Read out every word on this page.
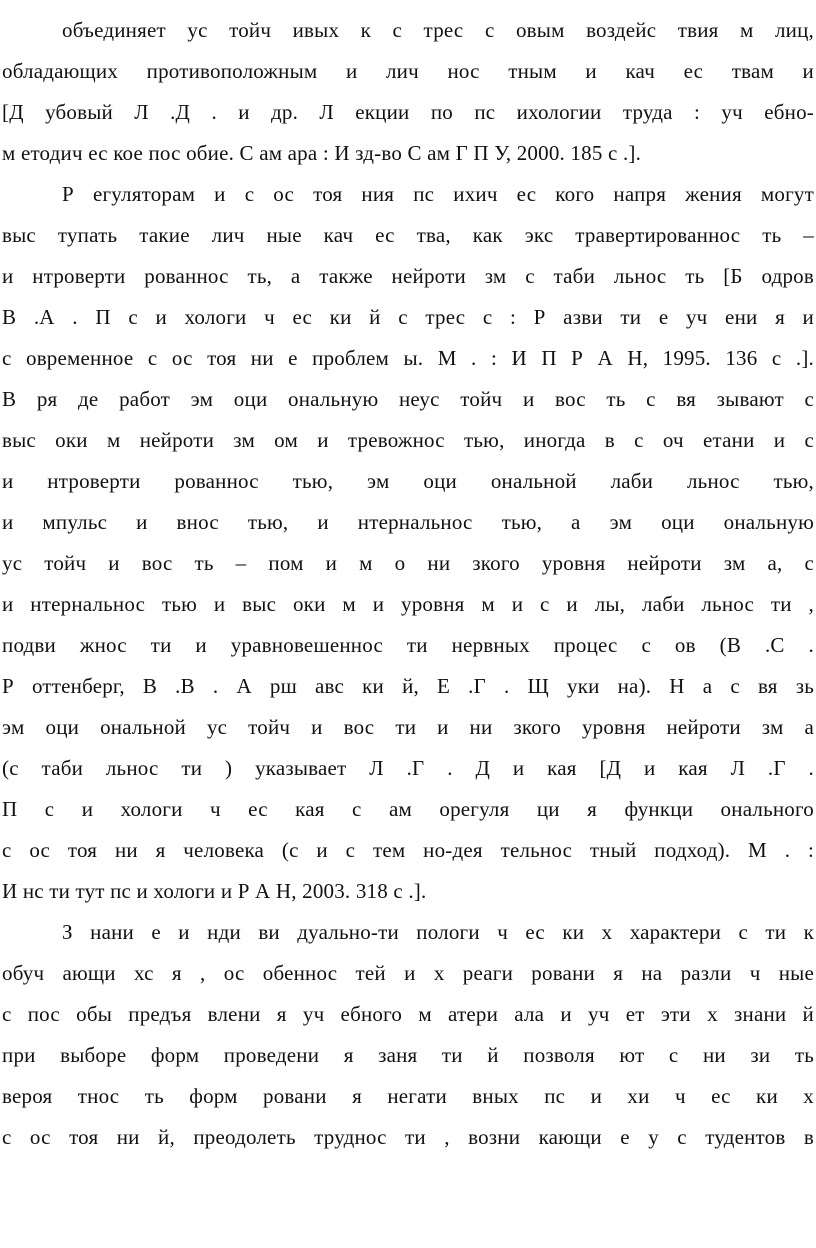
объединяет ус тойч ивых к с трес с овым воздейс твия м лиц,
обладающих противоположным и лич нос тным и кач ес твам и
[Д убовый Л .Д . и др. Л екции по пс ихологии труда : уч ебно-
м етодич ес кое пос обие. С ам ара : И зд-во С ам Г П У, 2000. 185 с .].
Р егуляторам и с ос тоя ния пс ихич ес кого напря жения могут
выс тупать такие лич ные кач ес тва, как экс травертированнос ть –
и нтроверти рованнос ть, а также нейроти зм с таби льнос ть [Б одров
В .А . П с и хологи ч ес ки й с трес с : Р азви ти е уч ени я и
с овременное с ос тоя ни е проблем ы. М . : И П Р А Н, 1995. 136 с .].
В ря де работ эм оци ональную неус тойч и вос ть с вя зывают с
выс оки м нейроти зм ом и тревожнос тью, иногда в с оч етани и с
и нтроверти рованнос тью, эм оци ональной лаби льнос тью,
и мпульс и внос тью, и нтернальнос тью, а эм оци ональную
ус тойч и вос ть – пом и м о ни зкого уровня нейроти зм а, с
и нтернальнос тью и выс оки м и уровня м и с и лы, лаби льнос ти ,
подви жнос ти и уравновешеннос ти нервных процес с ов (В .С .
Р оттенберг, В .В . А рш авс ки й, Е .Г . Щ уки на). Н а с вя зь
эм оци ональной ус тойч и вос ти и ни зкого уровня нейроти зм а
(с таби льнос ти ) указывает Л .Г . Д и кая [Д и кая Л .Г .
П с и хологи ч ес кая с ам орегуля ци я функци онального
с ос тоя ни я человека (с и с тем но-дея тельнос тный подход). М . :
И нс ти тут пс и хологи и Р А Н, 2003. 318 с .].
З нани е и нди ви дуально-ти пологи ч ес ки х характери с ти к
обуч ающи хс я , ос обеннос тей и х реаги ровани я на разли ч ные
с пос обы предъя влени я уч ебного м атери ала и уч ет эти х знани й
при выборе форм проведени я заня ти й позволя ют с ни зи ть
вероя тнос ть форм ровани я негати вных пс и хи ч ес ки х
с ос тоя ни й, преодолеть труднос ти , возни кающи е у с тудентов в
